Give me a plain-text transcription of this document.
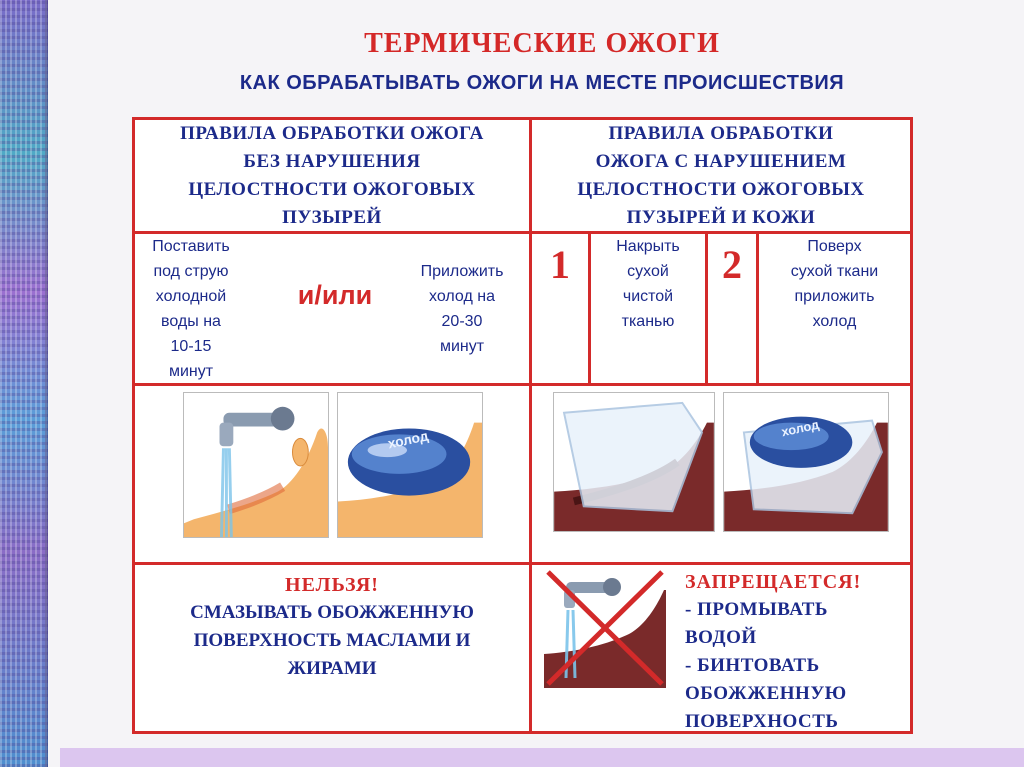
ТЕРМИЧЕСКИЕ ОЖОГИ
КАК ОБРАБАТЫВАТЬ ОЖОГИ НА МЕСТЕ ПРОИСШЕСТВИЯ
ПРАВИЛА ОБРАБОТКИ ОЖОГА
БЕЗ НАРУШЕНИЯ
ЦЕЛОСТНОСТИ ОЖОГОВЫХ
ПУЗЫРЕЙ
ПРАВИЛА ОБРАБОТКИ
ОЖОГА С НАРУШЕНИЕМ
ЦЕЛОСТНОСТИ ОЖОГОВЫХ
ПУЗЫРЕЙ И КОЖИ
Поставить
под струю
холодной
воды на
10-15
минут
и/или
Приложить
холод на
20-30
минут
1	Накрыть
сухой
чистой
тканью
2	Поверх
сухой ткани
приложить
холод
холод
холод
НЕЛЬЗЯ!
СМАЗЫВАТЬ ОБОЖЖЕННУЮ
ПОВЕРХНОСТЬ МАСЛАМИ И
ЖИРАМИ
ЗАПРЕЩАЕТСЯ!
- ПРОМЫВАТЬ
ВОДОЙ
- БИНТОВАТЬ
ОБОЖЖЕННУЮ
ПОВЕРХНОСТЬ
